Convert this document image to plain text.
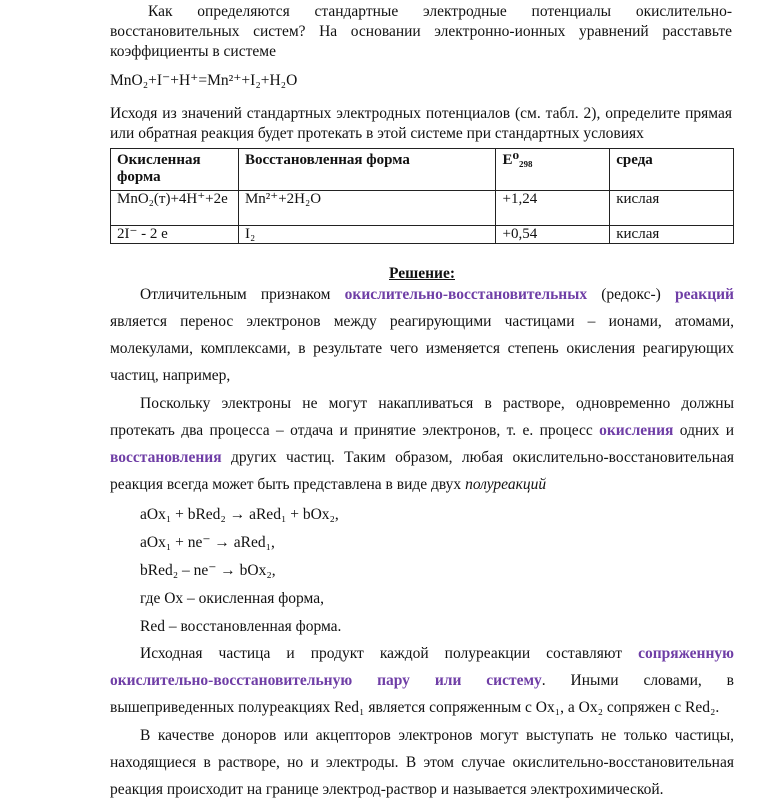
Как определяются стандартные электродные потенциалы окислительно-восстановительных систем? На основании электронно-ионных уравнений расставьте коэффициенты в системе

MnO₂+I⁻+H⁺=Mn²⁺+I₂+H₂O

Исходя из значений стандартных электродных потенциалов (см. табл. 2), определите прямая или обратная реакция будет протекать в этой системе при стандартных условиях

Окисленная форма	Восстановленная форма	E⁰₂₉₈	среда
MnO₂(т)+4H⁺+2е	Mn²⁺+2H₂O	+1,24	кислая
2I⁻ - 2 е	I₂	+0,54	кислая
Решение:

Отличительным признаком окислительно-восстановительных (редокс-) реакций является перенос электронов между реагирующими частицами – ионами, атомами, молекулами, комплексами, в результате чего изменяется степень окисления реагирующих частиц, например,

Поскольку электроны не могут накапливаться в растворе, одновременно должны протекать два процесса – отдача и принятие электронов, т. е. процесс окисления одних и восстановления других частиц. Таким образом, любая окислительно-восстановительная реакция всегда может быть представлена в виде двух полуреакций

aOx₁ + bRed₂ → aRed₁ + bOx₂,

aOx₁ + ne⁻ → aRed₁,

bRed₂ – ne⁻ → bOx₂,

где Ox – окисленная форма,

Red – восстановленная форма.

Исходная частица и продукт каждой полуреакции составляют сопряженную окислительно-восстановительную пару или систему. Иными словами, в вышеприведенных полуреакциях Red₁ является сопряженным с Ox₁, а Ox₂ сопряжен с Red₂.

В качестве доноров или акцепторов электронов могут выступать не только частицы, находящиеся в растворе, но и электроды. В этом случае окислительно-восстановительная реакция происходит на границе электрод-раствор и называется электрохимической.
